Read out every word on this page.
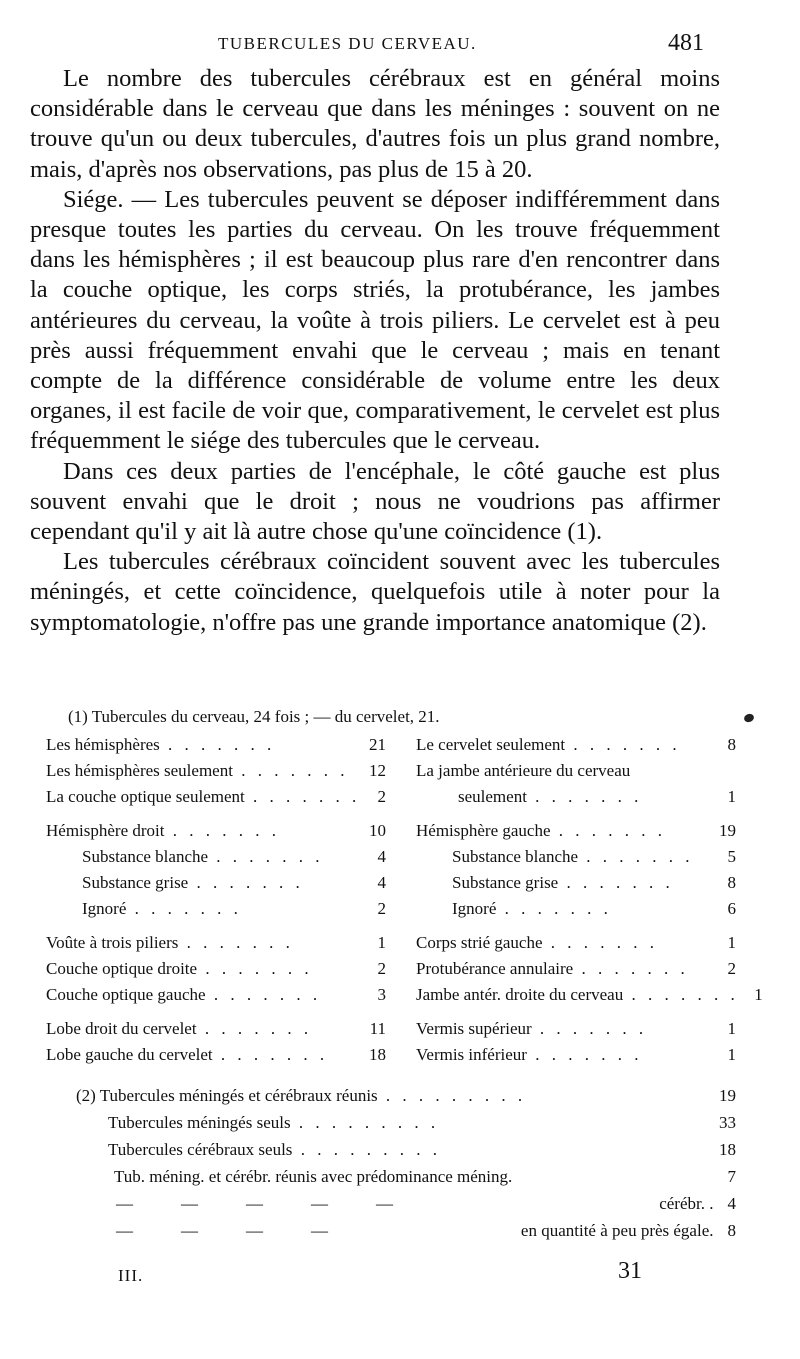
TUBERCULES DU CERVEAU.	481

Le nombre des tubercules cérébraux est en général moins considérable dans le cerveau que dans les méninges : souvent on ne trouve qu'un ou deux tubercules, d'autres fois un plus grand nombre, mais, d'après nos observations, pas plus de 15 à 20.

Siége. — Les tubercules peuvent se déposer indifféremment dans presque toutes les parties du cerveau. On les trouve fréquemment dans les hémisphères ; il est beaucoup plus rare d'en rencontrer dans la couche optique, les corps striés, la protubérance, les jambes antérieures du cerveau, la voûte à trois piliers. Le cervelet est à peu près aussi fréquemment envahi que le cerveau ; mais en tenant compte de la différence considérable de volume entre les deux organes, il est facile de voir que, comparativement, le cervelet est plus fréquemment le siége des tubercules que le cerveau.

Dans ces deux parties de l'encéphale, le côté gauche est plus souvent envahi que le droit ; nous ne voudrions pas affirmer cependant qu'il y ait là autre chose qu'une coïncidence (1).

Les tubercules cérébraux coïncident souvent avec les tubercules méningés, et cette coïncidence, quelquefois utile à noter pour la symptomatologie, n'offre pas une grande importance anatomique (2).

(1) Tubercules du cerveau, 24 fois ; — du cervelet, 21.
Les hémisphères . . . . . . .	21
Les hémisphères seulement . . . . . . .	12
La couche optique seulement . . . . . . .	2
Hémisphère droit . . . . . . .	10
Substance blanche . . . . . . .	4
Substance grise . . . . . . .	4
Ignoré . . . . . . .	2
Voûte à trois piliers . . . . . . .	1
Couche optique droite . . . . . . .	2
Couche optique gauche . . . . . . .	3
Lobe droit du cervelet . . . . . . .	11
Lobe gauche du cervelet . . . . . . .	18
Le cervelet seulement . . . . . . .	8
La jambe antérieure du cerveau
seulement . . . . . . .	1
Hémisphère gauche . . . . . . .	19
Substance blanche . . . . . . .	5
Substance grise . . . . . . .	8
Ignoré . . . . . . .	6
Corps strié gauche . . . . . . .	1
Protubérance annulaire . . . . . . .	2
Jambe antér. droite du cerveau . . . . . . . 1
Vermis supérieur . . . . . . .	1
Vermis inférieur . . . . . . .	1
(2) Tubercules méningés et cérébraux réunis . . . . . . . . .	19
Tubercules méningés seuls . . . . . . . . .	33
Tubercules cérébraux seuls . . . . . . . . .	18
Tub. méning. et cérébr. réunis avec prédominance méning.	7
—	—	—	—	—	cérébr. . 4
—	—	—	—	en quantité à peu près égale. 8
III.	31
